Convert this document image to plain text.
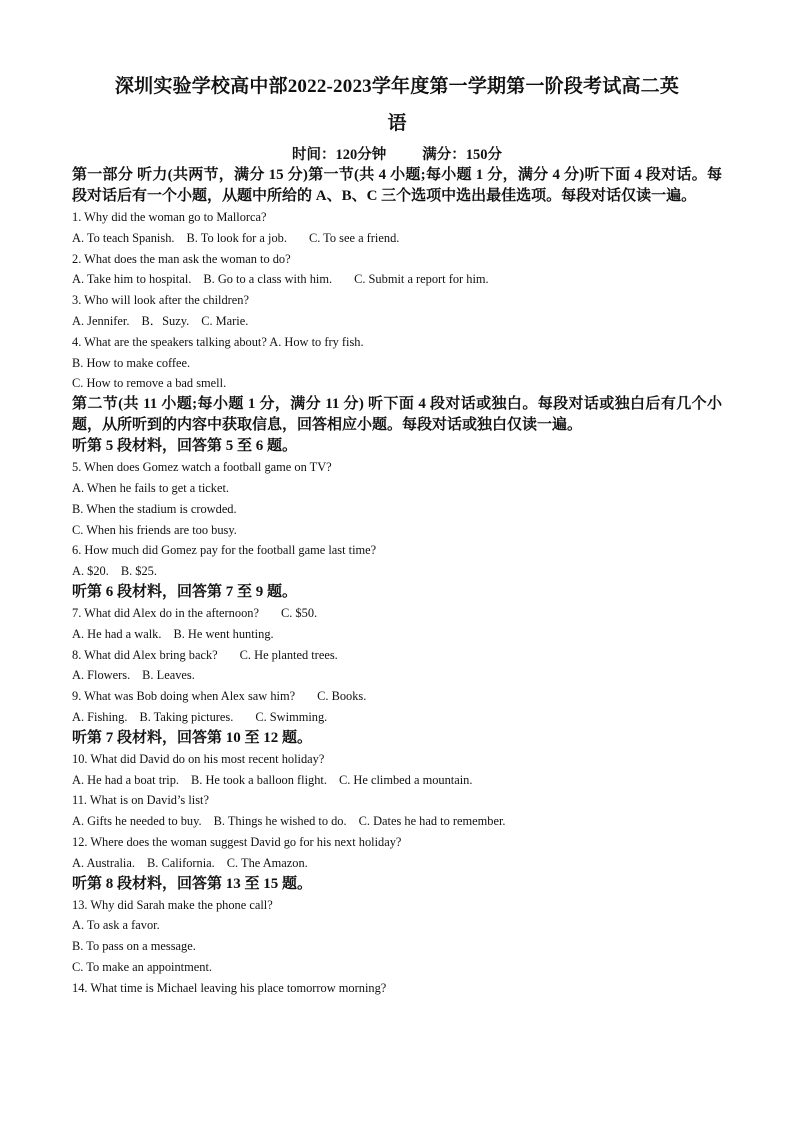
深圳实验学校高中部2022-2023学年度第一学期第一阶段考试高二英

语

时间：120分钟 满分：150分

第一部分 听力(共两节，满分 15 分)第一节(共 4 小题;每小题 1 分，满分 4 分)听下面 4 段对话。每段对话后有一个小题，从题中所给的 A、B、C 三个选项中选出最佳选项。每段对话仅读一遍。

1. Why did the woman go to Mallorca?

A. To teach Spanish. B. To look for a job. C. To see a friend.

2. What does the man ask the woman to do?

A. Take him to hospital. B. Go to a class with him. C. Submit a report for him.

3. Who will look after the children?

A. Jennifer. B．Suzy. C. Marie.

4. What are the speakers talking about? A. How to fry fish.

B. How to make coffee.

C. How to remove a bad smell.

第二节(共 11 小题;每小题 1 分，满分 11 分) 听下面 4 段对话或独白。每段对话或独白后有几个小题，从所听到的内容中获取信息，回答相应小题。每段对话或独白仅读一遍。

听第 5 段材料，回答第 5 至 6 题。

5. When does Gomez watch a football game on TV?

A. When he fails to get a ticket.

B. When the stadium is crowded.

C. When his friends are too busy.

6. How much did Gomez pay for the football game last time?

A. $20. B. $25.

听第 6 段材料，回答第 7 至 9 题。

7. What did Alex do in the afternoon? C. $50.

A. He had a walk. B. He went hunting.

8. What did Alex bring back? C. He planted trees.

A. Flowers. B. Leaves.

9. What was Bob doing when Alex saw him? C. Books.

A. Fishing. B. Taking pictures. C. Swimming.

听第 7 段材料，回答第 10 至 12 题。

10. What did David do on his most recent holiday?

A. He had a boat trip. B. He took a balloon flight. C. He climbed a mountain.

11. What is on David’s list?

A. Gifts he needed to buy. B. Things he wished to do. C. Dates he had to remember.

12. Where does the woman suggest David go for his next holiday?

A. Australia. B. California. C. The Amazon.

听第 8 段材料，回答第 13 至 15 题。

13. Why did Sarah make the phone call?

A. To ask a favor.

B. To pass on a message.

C. To make an appointment.

14. What time is Michael leaving his place tomorrow morning?
